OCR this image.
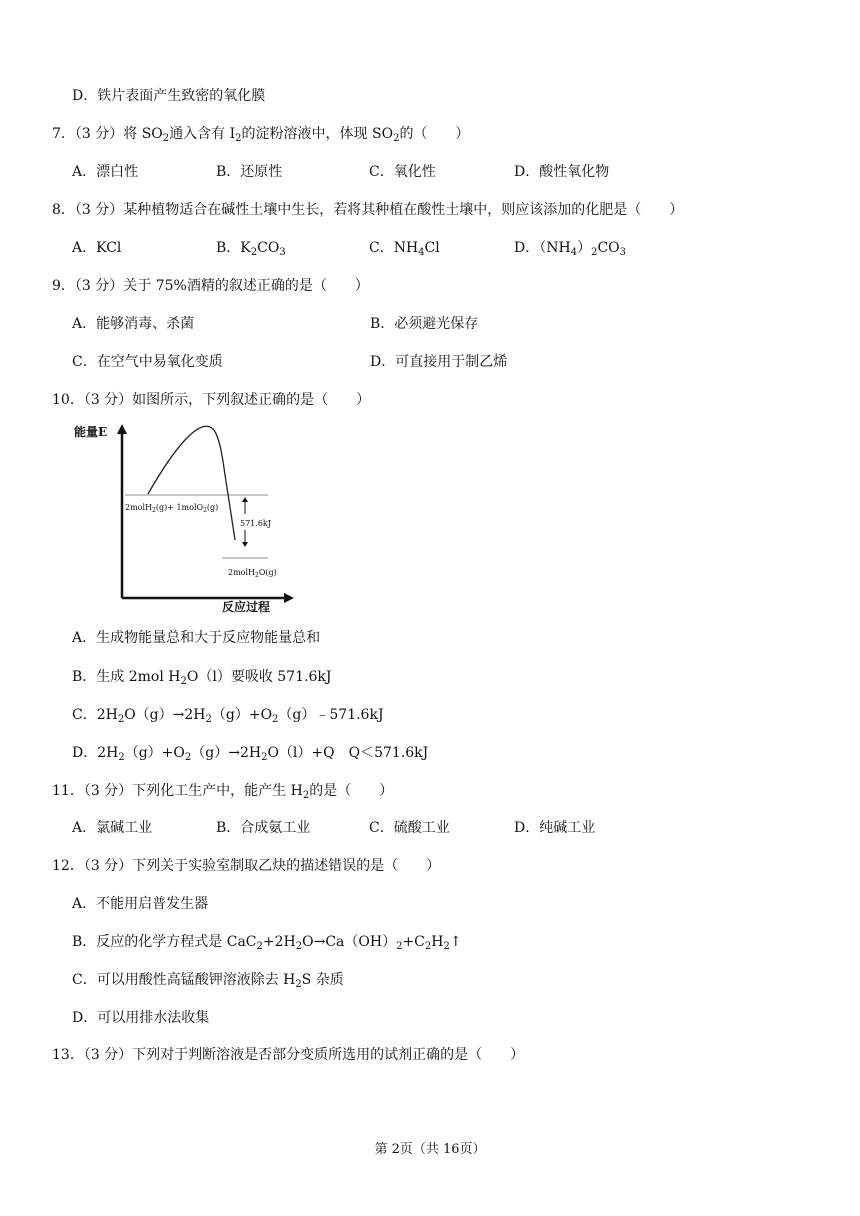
D．铁片表面产生致密的氧化膜
7．（3 分）将 $SO_2$通入含有 $I_2$的淀粉溶液中，体现 $SO_2$的（　　）
A．漂白性	B．还原性	C．氧化性	D．酸性氧化物
8．（3 分）某种植物适合在碱性土壤中生长，若将其种植在酸性土壤中，则应该添加的化肥是（　　）
A．KCl	B．$K_2CO_3$	C．$NH_4Cl$	D．$(NH_4)_2CO_3$
9．（3 分）关于 75%酒精的叙述正确的是（　　）
A．能够消毒、杀菌	B．必须避光保存
C．在空气中易氧化变质	D．可直接用于制乙烯
10．（3 分）如图所示，下列叙述正确的是（　　）
能量E
反应过程
2molH$_2$(g)+ 1molO$_2$(g)
571.6kJ
2molH$_2$O(g)
A．生成物能量总和大于反应物能量总和
B．生成 2mol $H_2O(l)$要吸收 571.6kJ
C．$2H_2O(g)\to 2H_2(g)+O_2(g)﹣571.6kJ$
D．$2H_2(g)+O_2(g)\to 2H_2O(l)+Q$　Q＜571.6kJ
11．（3 分）下列化工生产中，能产生 $H_2$的是（　　）
A．氯碱工业	B．合成氨工业	C．硫酸工业	D．纯碱工业
12．（3 分）下列关于实验室制取乙炔的描述错误的是（　　）
A．不能用启普发生器
B．反应的化学方程式是 $CaC_2+2H_2O\to Ca(OH)_2+C_2H_2↑$
C．可以用酸性高锰酸钾溶液除去 $H_2S$ 杂质
D．可以用排水法收集
13．（3 分）下列对于判断溶液是否部分变质所选用的试剂正确的是（　　）
第 2页（共 16页）
